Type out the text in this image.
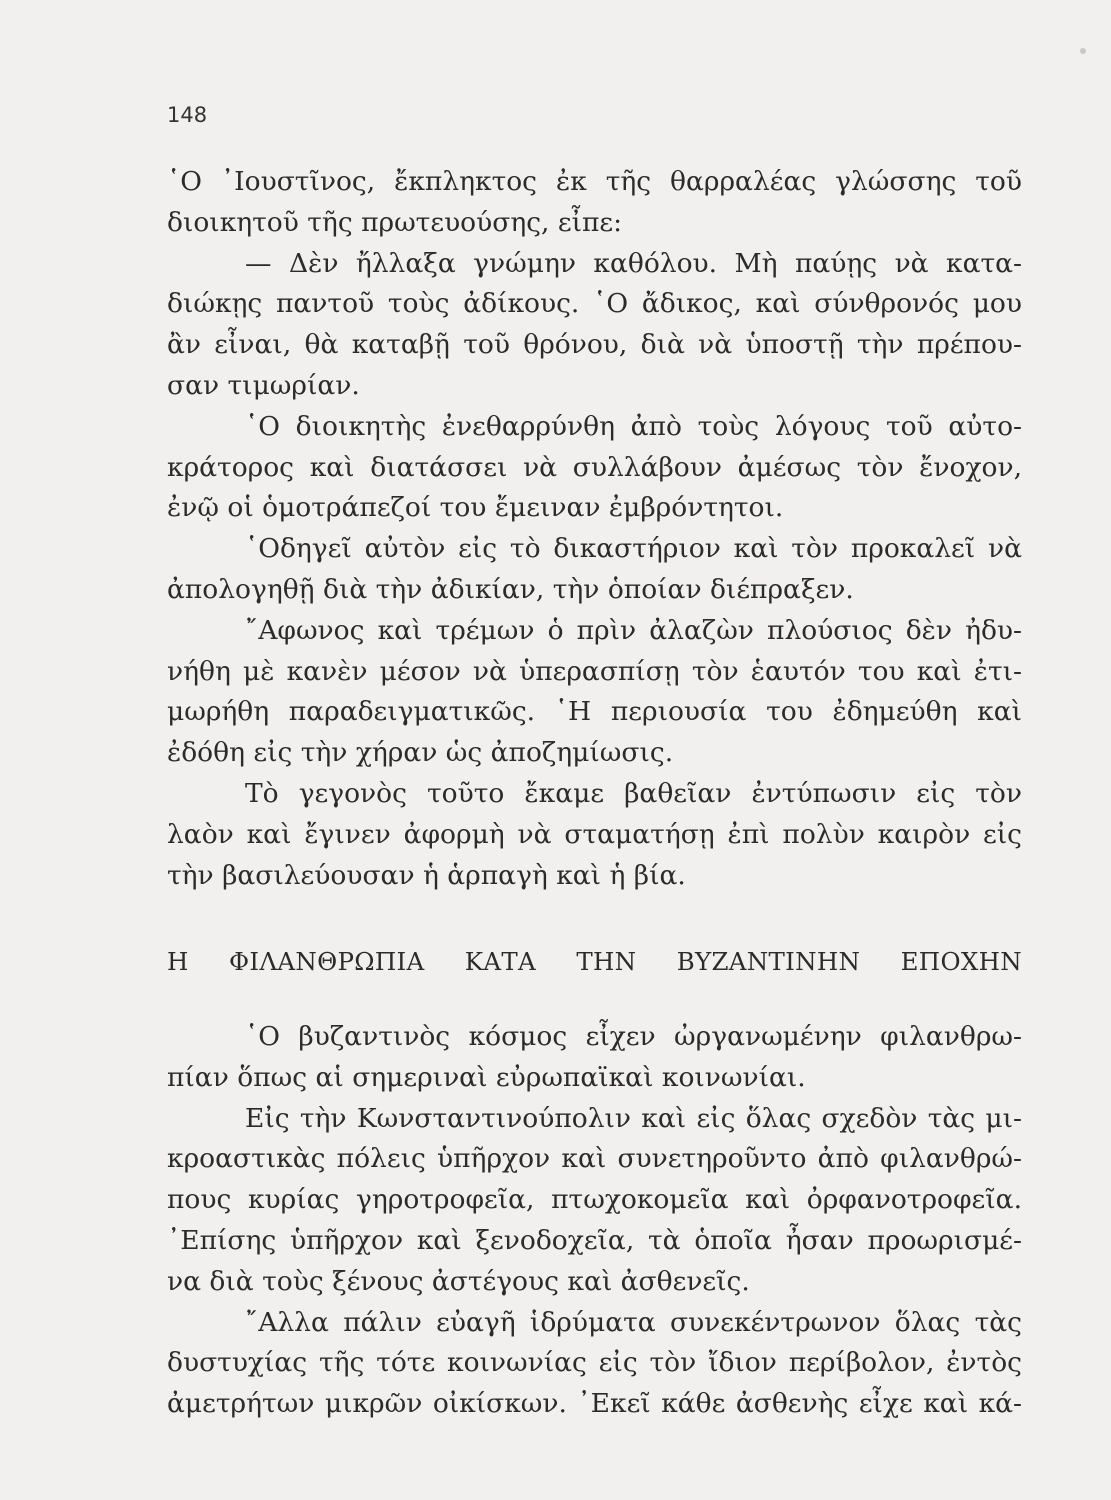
148
῾Ο ᾿Ιουστῖνος, ἔκπληκτος ἐκ τῆς θαρραλέας γλώσσης τοῦ
διοικητοῦ τῆς πρωτευούσης, εἶπε:
— Δὲν ἤλλαξα γνώμην καθόλου. Μὴ παύῃς νὰ κατα-
διώκῃς παντοῦ τοὺς ἀδίκους. ῾Ο ἄδικος, καὶ σύνθρονός μου
ἂν εἶναι, θὰ καταβῇ τοῦ θρόνου, διὰ νὰ ὑποστῇ τὴν πρέπου-
σαν τιμωρίαν.
῾Ο διοικητὴς ἐνεθαρρύνθη ἀπὸ τοὺς λόγους τοῦ αὐτο-
κράτορος καὶ διατάσσει νὰ συλλάβουν ἀμέσως τὸν ἔνοχον,
ἐνῷ οἱ ὁμοτράπεζοί του ἔμειναν ἐμβρόντητοι.
῾Οδηγεῖ αὐτὸν εἰς τὸ δικαστήριον καὶ τὸν προκαλεῖ νὰ
ἀπολογηθῇ διὰ τὴν ἀδικίαν, τὴν ὁποίαν διέπραξεν.
῎Αφωνος καὶ τρέμων ὁ πρὶν ἀλαζὼν πλούσιος δὲν ἠδυ-
νήθη μὲ κανὲν μέσον νὰ ὑπερασπίσῃ τὸν ἑαυτόν του καὶ ἐτι-
μωρήθη παραδειγματικῶς. ῾Η περιουσία του ἐδημεύθη καὶ
ἐδόθη εἰς τὴν χήραν ὡς ἀποζημίωσις.
Τὸ γεγονὸς τοῦτο ἔκαμε βαθεῖαν ἐντύπωσιν εἰς τὸν
λαὸν καὶ ἔγινεν ἀφορμὴ νὰ σταματήσῃ ἐπὶ πολὺν καιρὸν εἰς
τὴν βασιλεύουσαν ἡ ἁρπαγὴ καὶ ἡ βία.
Η ΦΙΛΑΝΘΡΩΠΙΑ ΚΑΤΑ ΤΗΝ ΒΥΖΑΝΤΙΝΗΝ ΕΠΟΧΗΝ
῾Ο βυζαντινὸς κόσμος εἶχεν ὠργανωμένην φιλανθρω-
πίαν ὅπως αἱ σημεριναὶ εὐρωπαϊκαὶ κοινωνίαι.
Εἰς τὴν Κωνσταντινούπολιν καὶ εἰς ὅλας σχεδὸν τὰς μι-
κροαστικὰς πόλεις ὑπῆρχον καὶ συνετηροῦντο ἀπὸ φιλανθρώ-
πους κυρίας γηροτροφεῖα, πτωχοκομεῖα καὶ ὀρφανοτροφεῖα.
᾿Επίσης ὑπῆρχον καὶ ξενοδοχεῖα, τὰ ὁποῖα ἦσαν προωρισμέ-
να διὰ τοὺς ξένους ἀστέγους καὶ ἀσθενεῖς.
῎Αλλα πάλιν εὐαγῆ ἱδρύματα συνεκέντρωνον ὅλας τὰς
δυστυχίας τῆς τότε κοινωνίας εἰς τὸν ἴδιον περίβολον, ἐντὸς
ἀμετρήτων μικρῶν οἰκίσκων. ᾿Εκεῖ κάθε ἀσθενὴς εἶχε καὶ κά-
